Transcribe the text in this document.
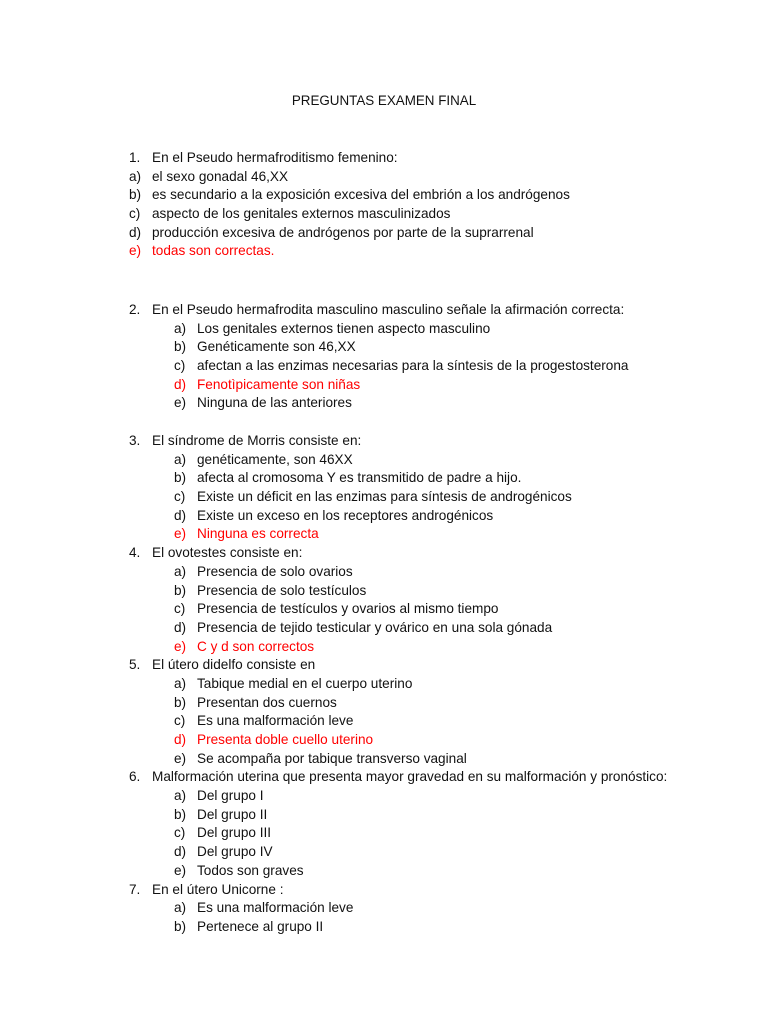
PREGUNTAS EXAMEN FINAL
1. En el Pseudo hermafroditismo femenino:
a) el sexo gonadal 46,XX
b) es secundario a la exposición excesiva del embrión a los andrógenos
c) aspecto de los genitales externos masculinizados
d) producción excesiva de andrógenos por parte de la suprarrenal
e) todas son correctas.
2. En el Pseudo hermafrodita masculino masculino señale la afirmación correcta:
a) Los genitales externos tienen aspecto masculino
b) Genéticamente son 46,XX
c) afectan a las enzimas necesarias para la síntesis de la progestosterona
d) Fenotìpicamente son niñas
e) Ninguna de las anteriores
3. El síndrome de Morris consiste en:
a) genéticamente, son 46XX
b) afecta al cromosoma Y es transmitido de padre a hijo.
c) Existe un déficit en las enzimas para síntesis de androgénicos
d) Existe un exceso en los receptores androgénicos
e) Ninguna es correcta
4. El ovotestes consiste en:
a) Presencia de solo ovarios
b) Presencia de solo testículos
c) Presencia de testículos y ovarios al mismo tiempo
d) Presencia de tejido testicular y ovárico en una sola gónada
e) C y d son correctos
5. El útero didelfo consiste en
a) Tabique medial en el cuerpo uterino
b) Presentan dos cuernos
c) Es una malformación leve
d) Presenta doble cuello uterino
e) Se acompaña por tabique transverso vaginal
6. Malformación uterina que presenta mayor gravedad en su malformación y pronóstico:
a) Del grupo I
b) Del grupo II
c) Del grupo III
d) Del grupo IV
e) Todos son graves
7. En el útero Unicorne :
a) Es una malformación leve
b) Pertenece al grupo II
